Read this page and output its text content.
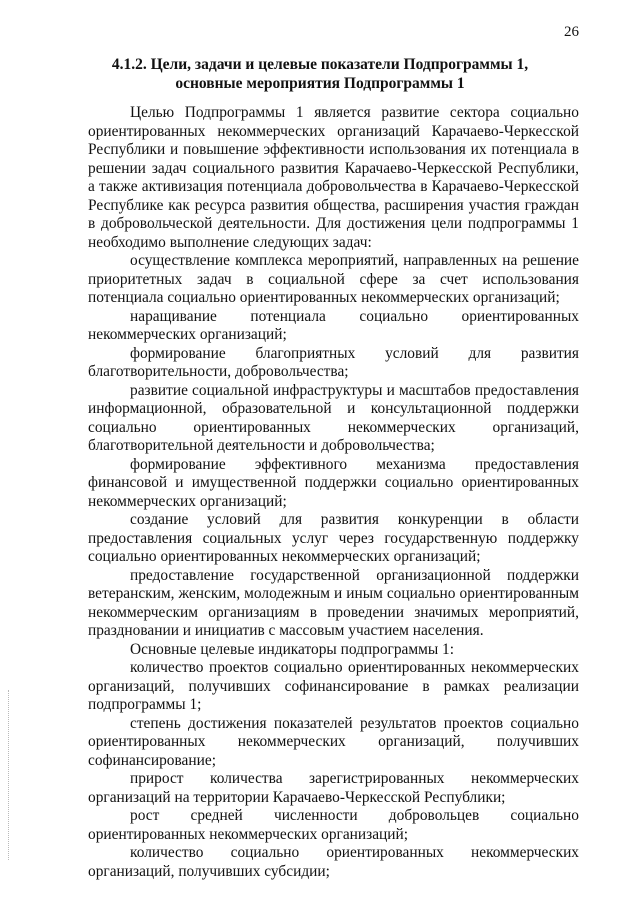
26
4.1.2. Цели, задачи и целевые показатели Подпрограммы 1,
основные мероприятия Подпрограммы 1

Целью Подпрограммы 1 является развитие сектора социально ориентированных некоммерческих организаций Карачаево-Черкесской Республики и повышение эффективности использования их потенциала в решении задач социального развития Карачаево-Черкесской Республики, а также активизация потенциала добровольчества в Карачаево-Черкесской Республике как ресурса развития общества, расширения участия граждан в добровольческой деятельности. Для достижения цели подпрограммы 1 необходимо выполнение следующих задач:

осуществление комплекса мероприятий, направленных на решение приоритетных задач в социальной сфере за счет использования потенциала социально ориентированных некоммерческих организаций;

наращивание потенциала социально ориентированных некоммерческих организаций;

формирование благоприятных условий для развития благотворительности, добровольчества;

развитие социальной инфраструктуры и масштабов предоставления информационной, образовательной и консультационной поддержки социально ориентированных некоммерческих организаций, благотворительной деятельности и добровольчества;

формирование эффективного механизма предоставления финансовой и имущественной поддержки социально ориентированных некоммерческих организаций;

создание условий для развития конкуренции в области предоставления социальных услуг через государственную поддержку социально ориентированных некоммерческих организаций;

предоставление государственной организационной поддержки ветеранским, женским, молодежным и иным социально ориентированным некоммерческим организациям в проведении значимых мероприятий, праздновании и инициатив с массовым участием населения.

Основные целевые индикаторы подпрограммы 1:

количество проектов социально ориентированных некоммерческих организаций, получивших софинансирование в рамках реализации подпрограммы 1;

степень достижения показателей результатов проектов социально ориентированных некоммерческих организаций, получивших софинансирование;

прирост количества зарегистрированных некоммерческих организаций на территории Карачаево-Черкесской Республики;

рост средней численности добровольцев социально ориентированных некоммерческих организаций;

количество социально ориентированных некоммерческих организаций, получивших субсидии;
